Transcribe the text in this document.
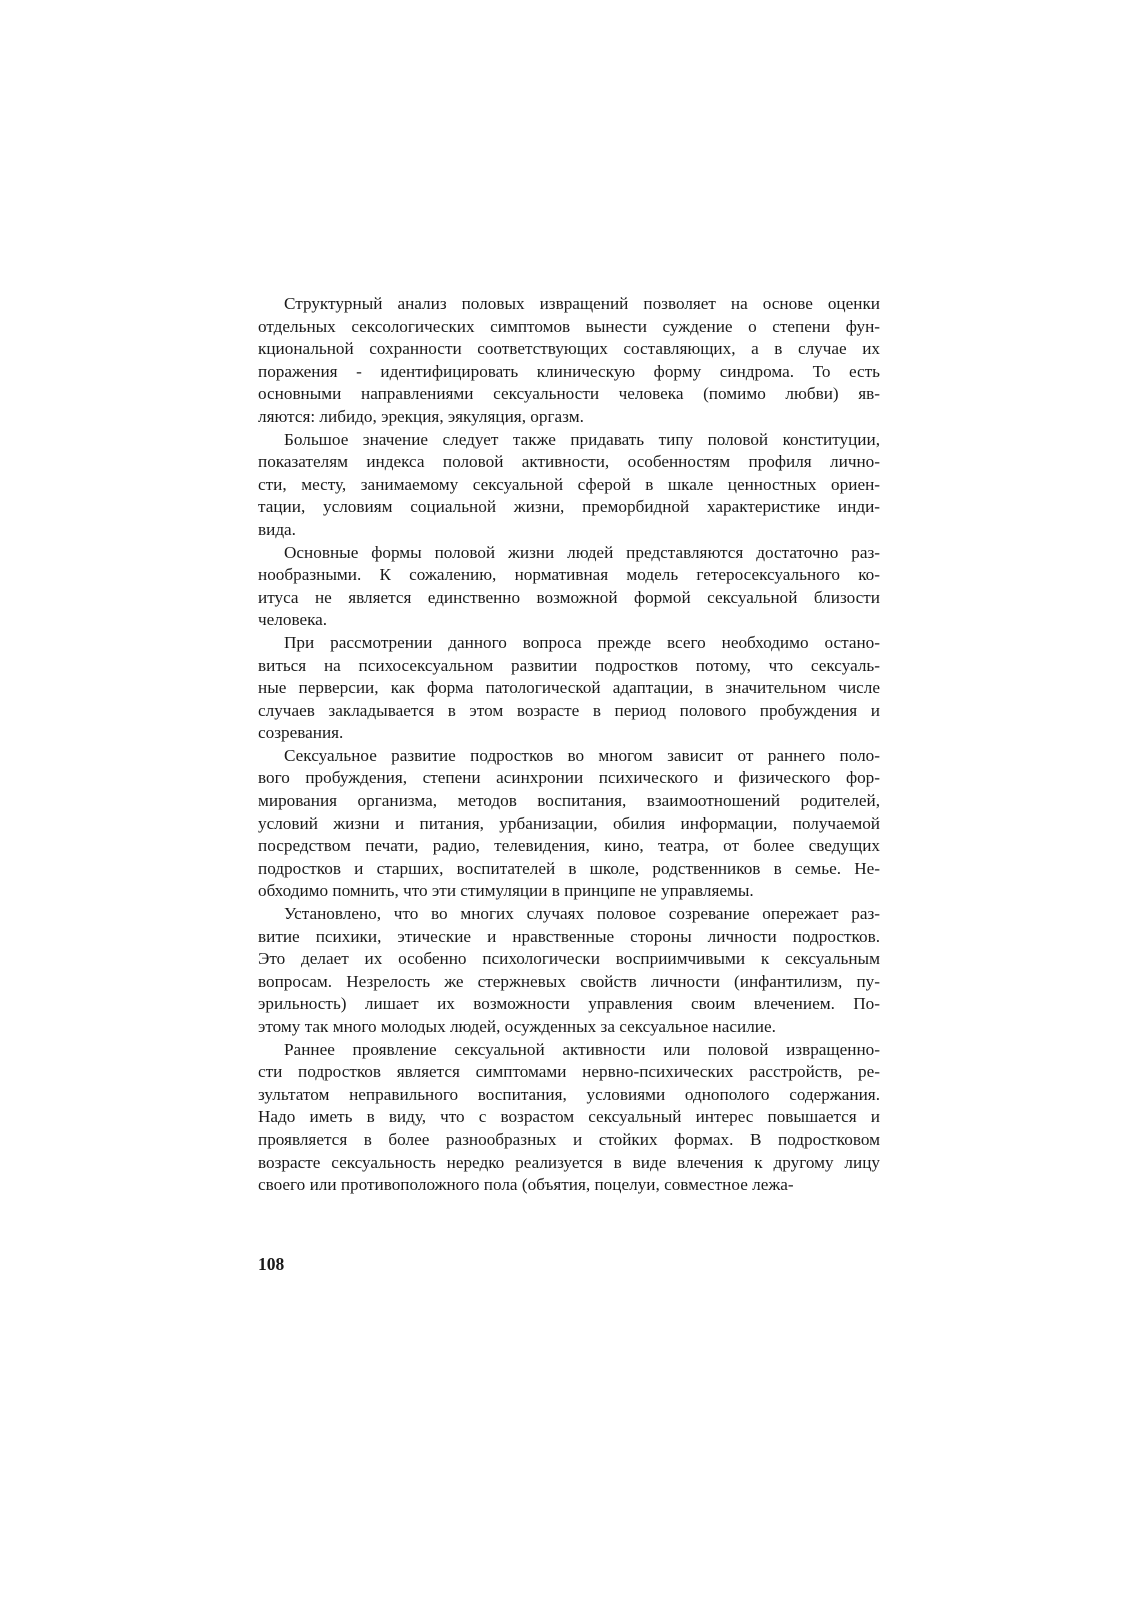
Структурный анализ половых извращений позволяет на основе оценки
отдельных сексологических симптомов вынести суждение о степени фун-
кциональной сохранности соответствующих составляющих, а в случае их
поражения - идентифицировать клиническую форму синдрома. То есть
основными направлениями сексуальности человека (помимо любви) яв-
ляются: либидо, эрекция, эякуляция, оргазм.
Большое значение следует также придавать типу половой конституции,
показателям индекса половой активности, особенностям профиля лично-
сти, месту, занимаемому сексуальной сферой в шкале ценностных ориен-
тации, условиям социальной жизни, преморбидной характеристике инди-
вида.
Основные формы половой жизни людей представляются достаточно раз-
нообразными. К сожалению, нормативная модель гетеросексуального ко-
итуса не является единственно возможной формой сексуальной близости
человека.
При рассмотрении данного вопроса прежде всего необходимо останo-
виться на психосексуальном развитии подростков потому, что сексуаль-
ные перверсии, как форма патологической адаптации, в значительном числе
случаев закладывается в этом возрасте в период полового пробуждения и
созревания.
Сексуальное развитие подростков во многом зависит от раннего поло-
вого пробуждения, степени асинхронии психического и физического фор-
мирования организма, методов воспитания, взаимоотношений родителей,
условий жизни и питания, урбанизации, обилия информации, получаемой
посредством печати, радио, телевидения, кино, театра, от более сведущих
подростков и старших, воспитателей в школе, родственников в семье. Не-
обходимо помнить, что эти стимуляции в принципе не управляемы.
Установлено, что во многих случаях половое созревание опережает раз-
витие психики, этические и нравственные стороны личности подростков.
Это делает их особенно психологически восприимчивыми к сексуальным
вопросам. Незрелость же стержневых свойств личности (инфантилизм, пу-
эрильность) лишает их возможности управления своим влечением. По-
этому так много молодых людей, осужденных за сексуальное насилие.
Раннее проявление сексуальной активности или половой извращенно-
сти подростков является симптомами нервно-психических расстройств, ре-
зультатом неправильного воспитания, условиями однополого содержания.
Надо иметь в виду, что с возрастом сексуальный интерес повышается и
проявляется в более разнообразных и стойких формах. В подростковом
возрасте сексуальность нередко реализуется в виде влечения к другому лицу
своего или противоположного пола (объятия, поцелуи, совместное лежа-
108
